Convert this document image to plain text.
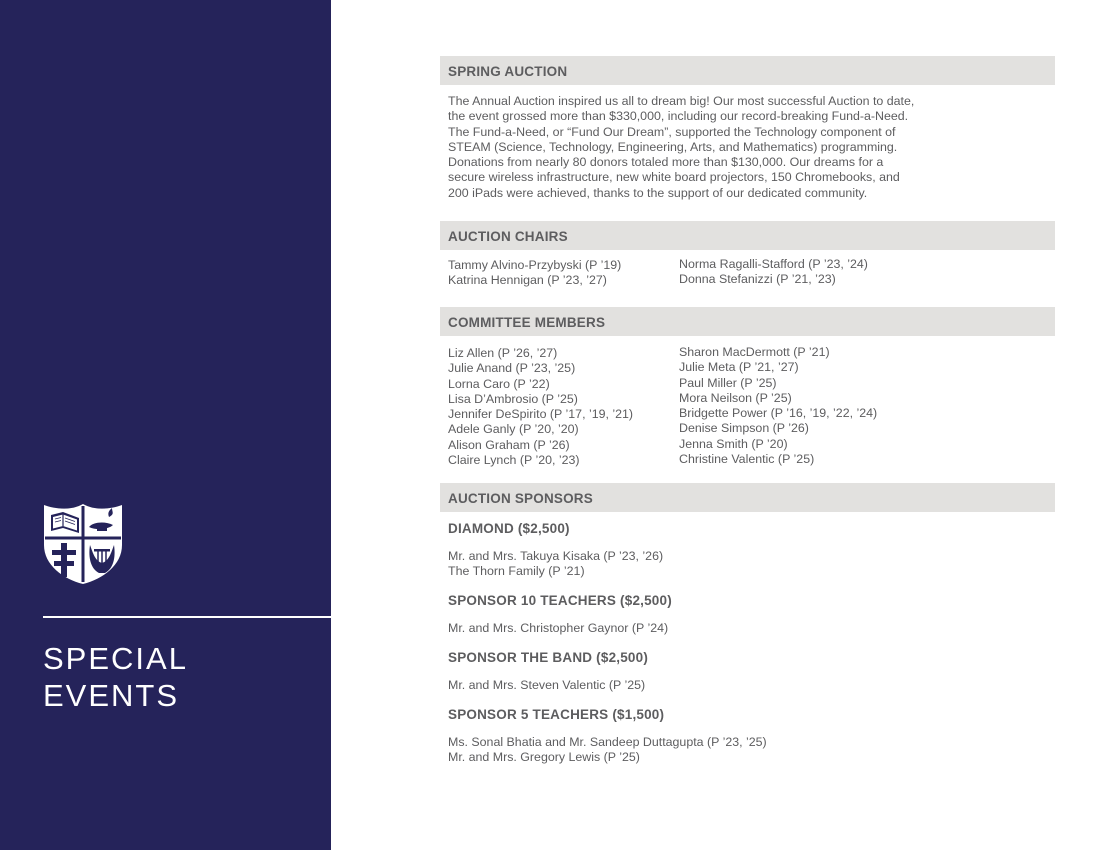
SPECIAL
EVENTS
SPRING AUCTION

The Annual Auction inspired us all to dream big! Our most successful Auction to date,
the event grossed more than $330,000, including our record-breaking Fund-a-Need.
The Fund-a-Need, or “Fund Our Dream”, supported the Technology component of
STEAM (Science, Technology, Engineering, Arts, and Mathematics) programming.
Donations from nearly 80 donors totaled more than $130,000. Our dreams for a
secure wireless infrastructure, new white board projectors, 150 Chromebooks, and
200 iPads were achieved, thanks to the support of our dedicated community.

AUCTION CHAIRS
Tammy Alvino-Przybyski (P ’19)
Katrina Hennigan (P ’23, ’27)
Norma Ragalli-Stafford (P ’23, ’24)
Donna Stefanizzi (P ’21, ’23)
COMMITTEE MEMBERS
Liz Allen (P ’26, ’27)
Julie Anand (P ’23, ’25)
Lorna Caro (P ’22)
Lisa D’Ambrosio (P ’25)
Jennifer DeSpirito (P ’17, ’19, ’21)
Adele Ganly (P ’20, ’20)
Alison Graham (P ’26)
Claire Lynch (P ’20, ’23)
Sharon MacDermott (P ’21)
Julie Meta (P ’21, ’27)
Paul Miller (P ’25)
Mora Neilson (P ’25)
Bridgette Power (P ’16, ’19, ’22, ’24)
Denise Simpson (P ’26)
Jenna Smith (P ’20)
Christine Valentic (P ’25)
AUCTION SPONSORS
DIAMOND ($2,500)
Mr. and Mrs. Takuya Kisaka (P ’23, ’26)
The Thorn Family (P ’21)
SPONSOR 10 TEACHERS ($2,500)
Mr. and Mrs. Christopher Gaynor (P ’24)
SPONSOR THE BAND ($2,500)
Mr. and Mrs. Steven Valentic (P ’25)
SPONSOR 5 TEACHERS ($1,500)
Ms. Sonal Bhatia and Mr. Sandeep Duttagupta (P ’23, ’25)
Mr. and Mrs. Gregory Lewis (P ’25)
